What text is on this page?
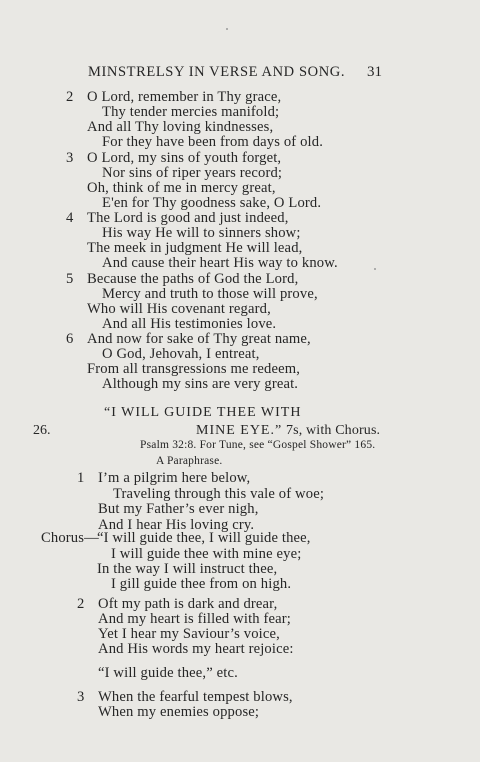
MINSTRELSY IN VERSE AND SONG. 31
2 O Lord, remember in Thy grace,
Thy tender mercies manifold;
And all Thy loving kindnesses,
For they have been from days of old.
3 O Lord, my sins of youth forget,
Nor sins of riper years record;
Oh, think of me in mercy great,
E'en for Thy goodness sake, O Lord.
4 The Lord is good and just indeed,
His way He will to sinners show;
The meek in judgment He will lead,
And cause their heart His way to know.
5 Because the paths of God the Lord,
Mercy and truth to those will prove,
Who will His covenant regard,
And all His testimonies love.
6 And now for sake of Thy great name,
O God, Jehovah, I entreat,
From all transgressions me redeem,
Although my sins are very great.
“I WILL GUIDE THEE WITH
26.	MINE EYE.” 7s, with Chorus.
Psalm 32:8. For Tune, see “Gospel Shower” 165.
A Paraphrase.
1 I’m a pilgrim here below,
Traveling through this vale of woe;
But my Father’s ever nigh,
And I hear His loving cry.
Chorus—
“I will guide thee, I will guide thee,
I will guide thee with mine eye;
In the way I will instruct thee,
I gill guide thee from on high.
2 Oft my path is dark and drear,
And my heart is filled with fear;
Yet I hear my Saviour’s voice,
And His words my heart rejoice:
“I will guide thee,” etc.
3 When the fearful tempest blows,
When my enemies oppose;
